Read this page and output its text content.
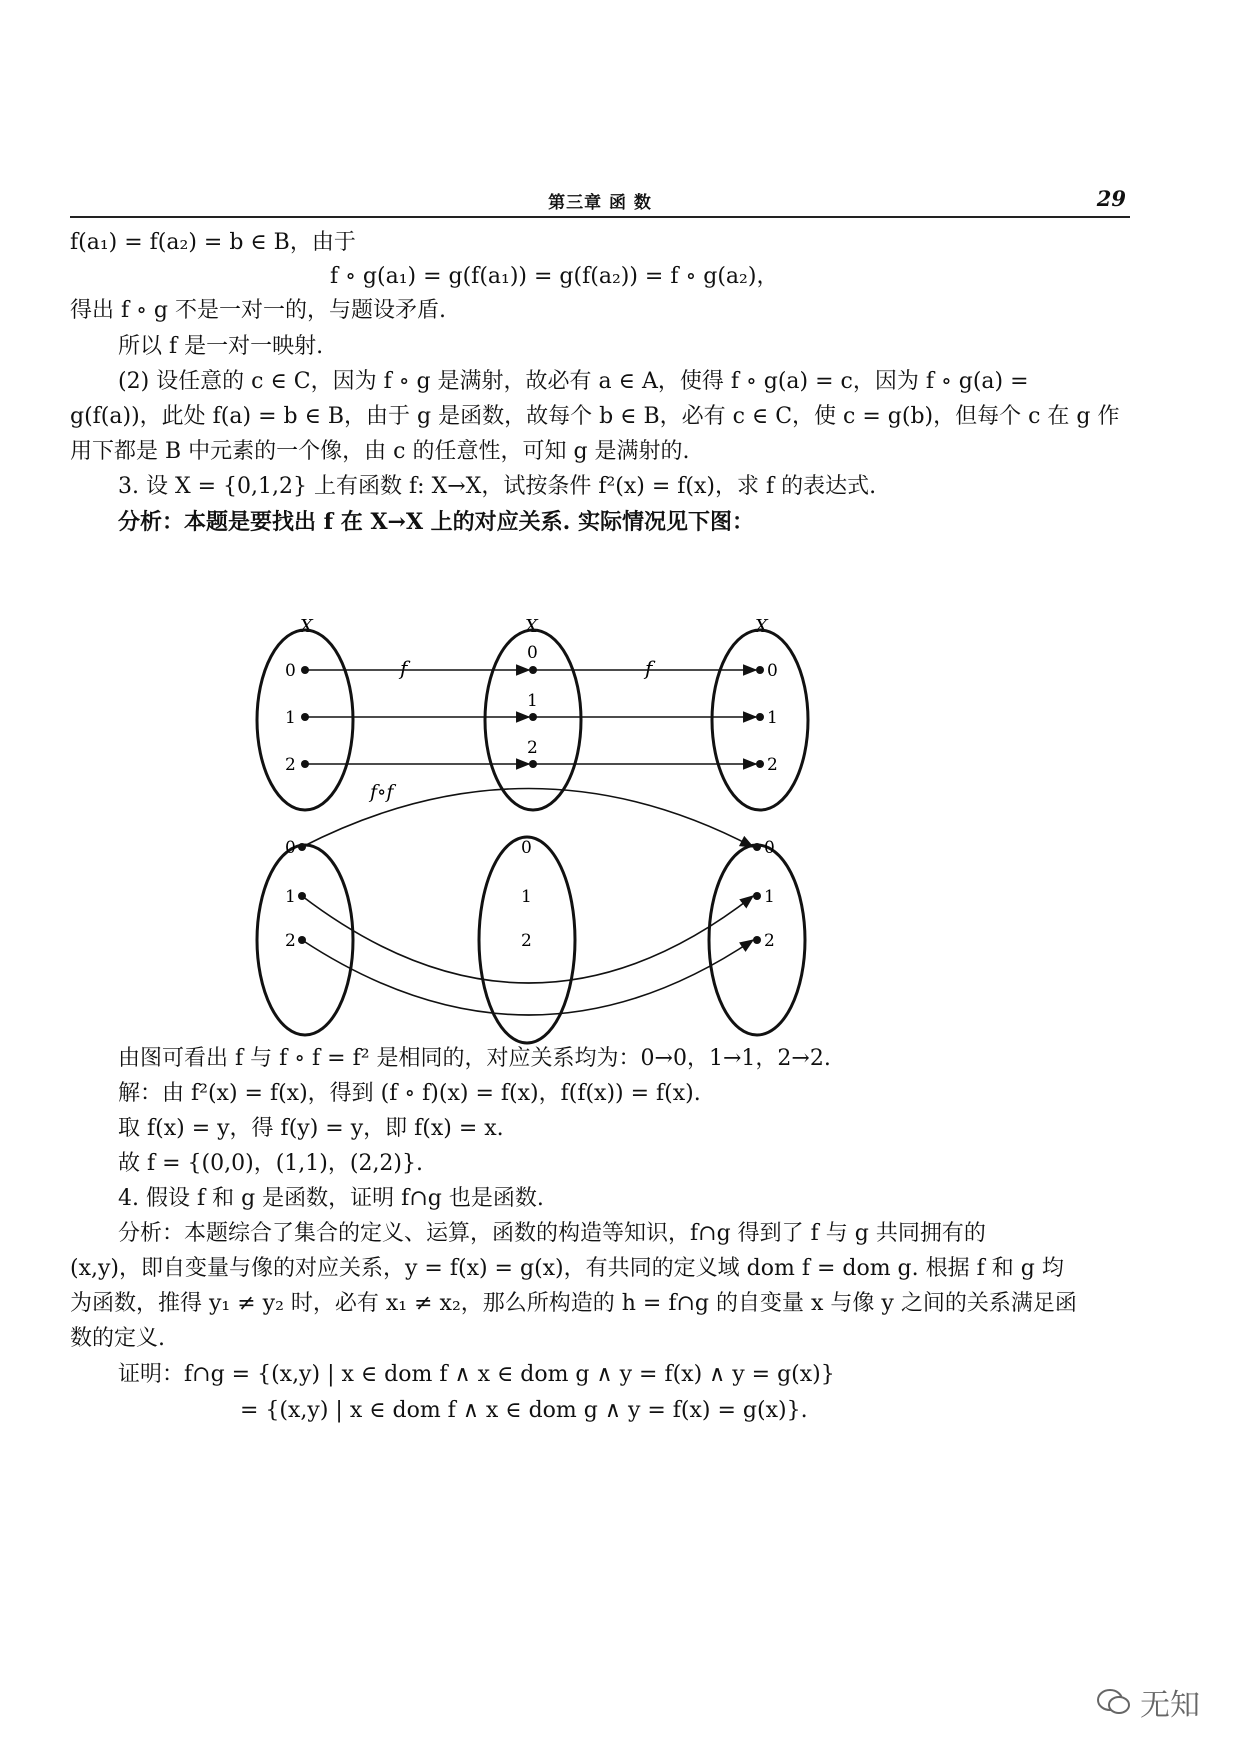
第三章 函 数	29
f(a₁) = f(a₂) = b ∈ B，由于
f ∘ g(a₁) = g(f(a₁)) = g(f(a₂)) = f ∘ g(a₂)，
得出 f ∘ g 不是一对一的，与题设矛盾.
所以 f 是一对一映射.
(2) 设任意的 c ∈ C，因为 f ∘ g 是满射，故必有 a ∈ A，使得 f ∘ g(a) = c，因为 f ∘ g(a) =
g(f(a))，此处 f(a) = b ∈ B，由于 g 是函数，故每个 b ∈ B，必有 c ∈ C，使 c = g(b)，但每个 c 在 g 作
用下都是 B 中元素的一个像，由 c 的任意性，可知 g 是满射的.
3. 设 X = {0,1,2} 上有函数 f: X→X，试按条件 f²(x) = f(x)，求 f 的表达式.
分析：本题是要找出 f 在 X→X 上的对应关系. 实际情况见下图：
X	X	X
f	f
0
1
2
0
1
2
0
1
2
f∘f
0
1
2
0
1
2
0
1
2
由图可看出 f 与 f ∘ f = f² 是相同的，对应关系均为：0→0，1→1，2→2.
解：由 f²(x) = f(x)，得到 (f ∘ f)(x) = f(x)，f(f(x)) = f(x).
取 f(x) = y，得 f(y) = y，即 f(x) = x.
故 f = {(0,0)，(1,1)，(2,2)}.
4. 假设 f 和 g 是函数，证明 f∩g 也是函数.
分析：本题综合了集合的定义、运算，函数的构造等知识，f∩g 得到了 f 与 g 共同拥有的
(x,y)，即自变量与像的对应关系，y = f(x) = g(x)，有共同的定义域 dom f = dom g. 根据 f 和 g 均
为函数，推得 y₁ ≠ y₂ 时，必有 x₁ ≠ x₂，那么所构造的 h = f∩g 的自变量 x 与像 y 之间的关系满足函
数的定义.
证明：f∩g = {(x,y) | x ∈ dom f ∧ x ∈ dom g ∧ y = f(x) ∧ y = g(x)}
= {(x,y) | x ∈ dom f ∧ x ∈ dom g ∧ y = f(x) = g(x)}.
无知
